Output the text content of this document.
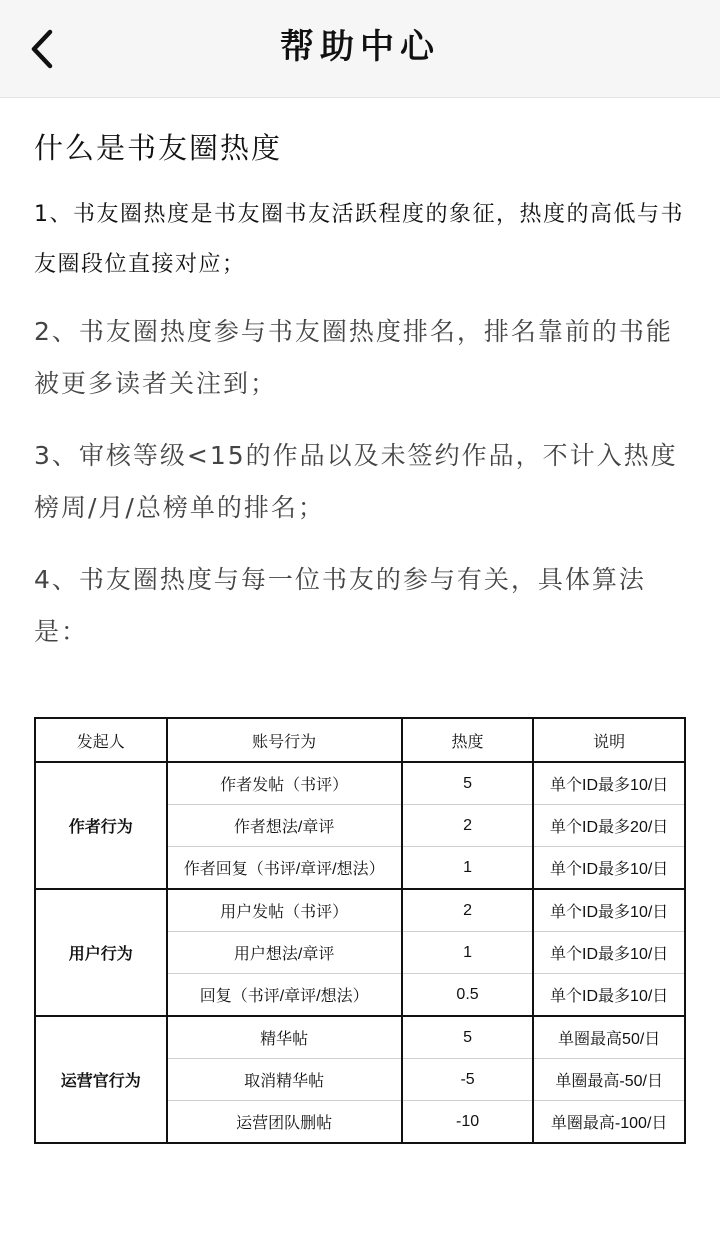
帮助中心
什么是书友圈热度

1、书友圈热度是书友圈书友活跃程度的象征，热度的高低与书友圈段位直接对应；

2、书友圈热度参与书友圈热度排名，排名靠前的书能被更多读者关注到；

3、审核等级<15的作品以及未签约作品，不计入热度榜周/月/总榜单的排名；

4、书友圈热度与每一位书友的参与有关，具体算法是：

发起人	账号行为	热度	说明
作者行为	作者发帖（书评）	5	单个ID最多10/日
	作者想法/章评	2	单个ID最多20/日
	作者回复（书评/章评/想法）	1	单个ID最多10/日
用户行为	用户发帖（书评）	2	单个ID最多10/日
	用户想法/章评	1	单个ID最多10/日
	回复（书评/章评/想法）	0.5	单个ID最多10/日
运营官行为	精华帖	5	单圈最高50/日
	取消精华帖	-5	单圈最高-50/日
	运营团队删帖	-10	单圈最高-100/日
